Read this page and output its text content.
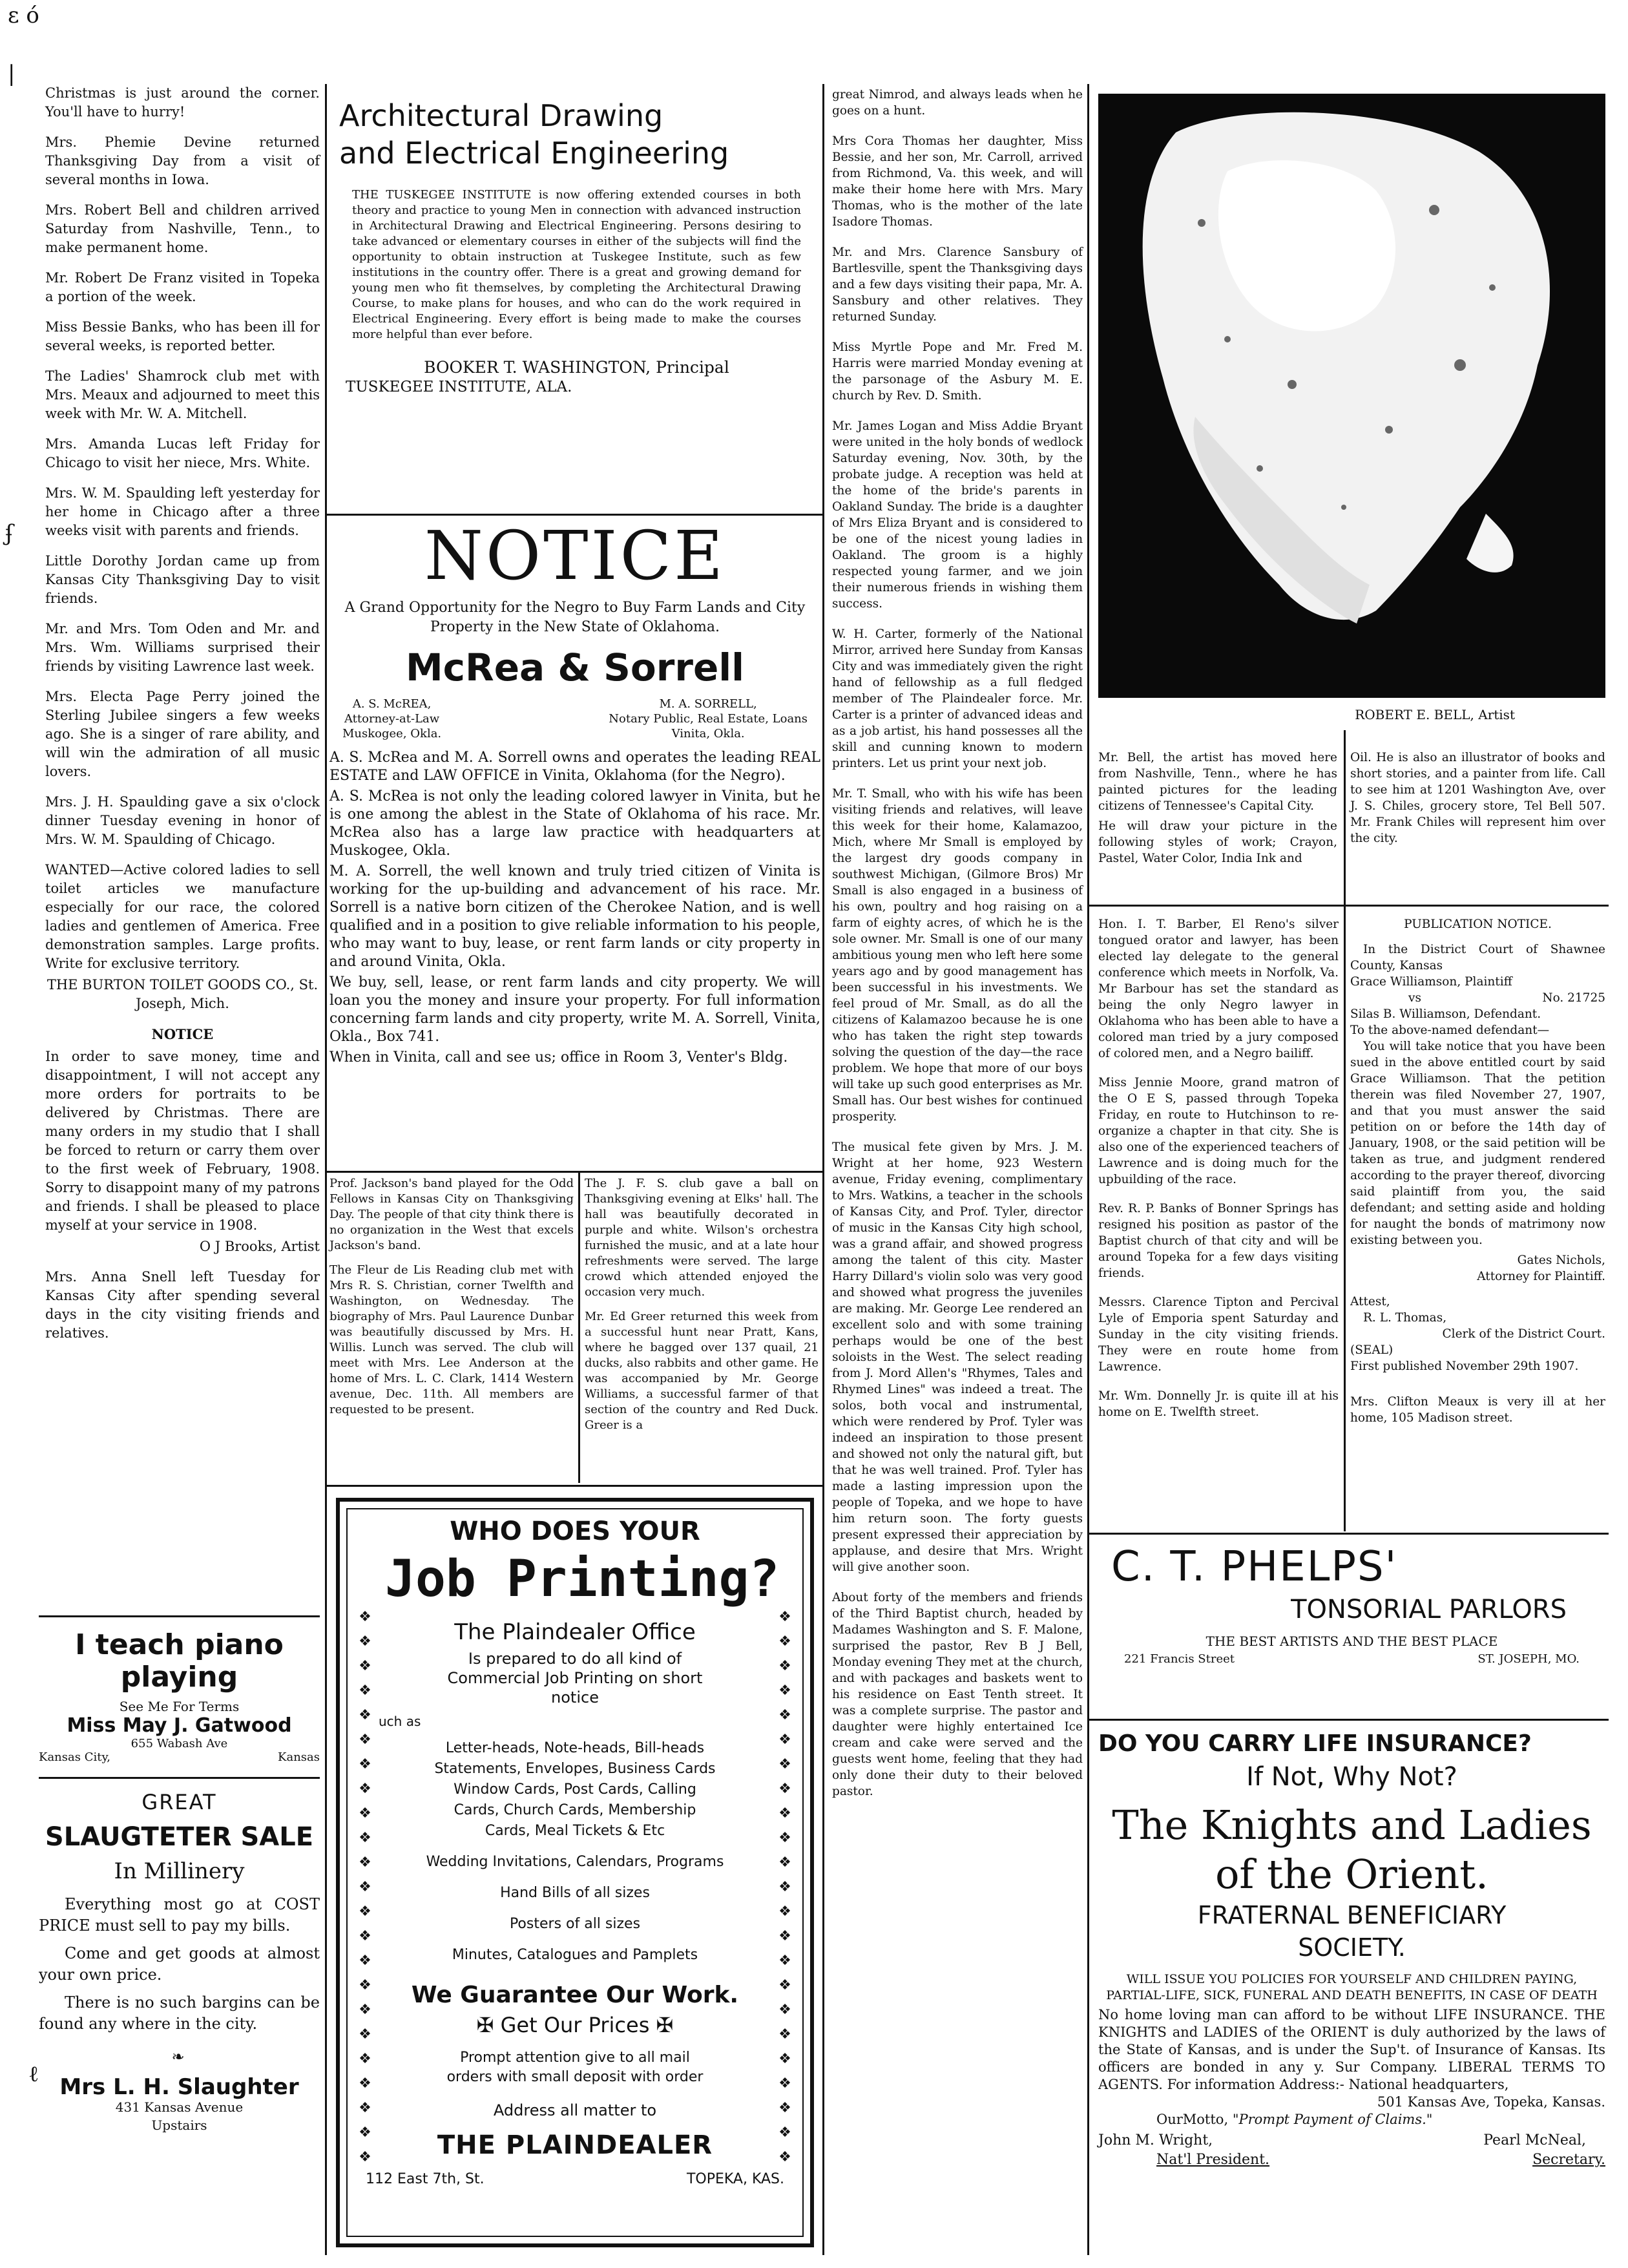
ɛ ó
|
ʄ
ℓ

Christmas is just around the corner. You'll have to hurry!

Mrs. Phemie Devine returned Thanksgiving Day from a visit of several months in Iowa.

Mrs. Robert Bell and children arrived Saturday from Nashville, Tenn., to make permanent home.

Mr. Robert De Franz visited in Topeka a portion of the week.

Miss Bessie Banks, who has been ill for several weeks, is reported better.

The Ladies' Shamrock club met with Mrs. Meaux and adjourned to meet this week with Mr. W. A. Mitchell.

Mrs. Amanda Lucas left Friday for Chicago to visit her niece, Mrs. White.

Mrs. W. M. Spaulding left yesterday for her home in Chicago after a three weeks visit with parents and friends.

Little Dorothy Jordan came up from Kansas City Thanksgiving Day to visit friends.

Mr. and Mrs. Tom Oden and Mr. and Mrs. Wm. Williams surprised their friends by visiting Lawrence last week.

Mrs. Electa Page Perry joined the Sterling Jubilee singers a few weeks ago. She is a singer of rare ability, and will win the admiration of all music lovers.

Mrs. J. H. Spaulding gave a six o'clock dinner Tuesday evening in honor of Mrs. W. M. Spaulding of Chicago.

WANTED—Active colored ladies to sell toilet articles we manufacture especially for our race, the colored ladies and gentlemen of America. Free demonstration samples. Large profits. Write for exclusive territory.

THE BURTON TOILET GOODS CO., St. Joseph, Mich.

NOTICE

In order to save money, time and disappointment, I will not accept any more orders for portraits to be delivered by Christmas. There are many orders in my studio that I shall be forced to return or carry them over to the first week of February, 1908. Sorry to disappoint many of my patrons and friends. I shall be pleased to place myself at your service in 1908.

O J Brooks, Artist

Mrs. Anna Snell left Tuesday for Kansas City after spending several days in the city visiting friends and relatives.

I teach piano playing
See Me For Terms
Miss May J. Gatwood
655 Wabash Ave
Kansas City,	Kansas
GREAT
SLAUGTETER SALE
In Millinery

Everything most go at COST PRICE must sell to pay my bills.

Come and get goods at almost your own price.

There is no such bargins can be found any where in the city.

❧
Mrs L. H. Slaughter
431 Kansas Avenue
Upstairs
Architectural Drawing
and Electrical Engineering

THE TUSKEGEE INSTITUTE is now offering extended courses in both theory and practice to young Men in connection with advanced instruction in Architectural Drawing and Electrical Engineering. Persons desiring to take advanced or elementary courses in either of the subjects will find the opportunity to obtain instruction at Tuskegee Institute, such as few institutions in the country offer. There is a great and growing demand for young men who fit themselves, by completing the Architectural Drawing Course, to make plans for houses, and who can do the work required in Electrical Engineering. Every effort is being made to make the courses more helpful than ever before.

BOOKER T. WASHINGTON, Principal
TUSKEGEE INSTITUTE, ALA.
NOTICE
A Grand Opportunity for the Negro to Buy Farm Lands and City Property in the New State of Oklahoma.
McRea & Sorrell
A. S. McREA,
Attorney-at-Law
Muskogee, Okla.
M. A. SORRELL,
Notary Public, Real Estate, Loans
Vinita, Okla.

A. S. McRea and M. A. Sorrell owns and operates the leading REAL ESTATE and LAW OFFICE in Vinita, Oklahoma (for the Negro).

A. S. McRea is not only the leading colored lawyer in Vinita, but he is one among the ablest in the State of Oklahoma of his race. Mr. McRea also has a large law practice with headquarters at Muskogee, Okla.

M. A. Sorrell, the well known and truly tried citizen of Vinita is working for the up-building and advancement of his race. Mr. Sorrell is a native born citizen of the Cherokee Nation, and is well qualified and in a position to give reliable information to his people, who may want to buy, lease, or rent farm lands or city property in and around Vinita, Okla.

We buy, sell, lease, or rent farm lands and city property. We will loan you the money and insure your property. For full information concerning farm lands and city property, write M. A. Sorrell, Vinita, Okla., Box 741.

When in Vinita, call and see us; office in Room 3, Venter's Bldg.

Prof. Jackson's band played for the Odd Fellows in Kansas City on Thanksgiving Day. The people of that city think there is no organization in the West that excels Jackson's band.

The Fleur de Lis Reading club met with Mrs R. S. Christian, corner Twelfth and Washington, on Wednesday. The biography of Mrs. Paul Laurence Dunbar was beautifully discussed by Mrs. H. Willis. Lunch was served. The club will meet with Mrs. Lee Anderson at the home of Mrs. L. C. Clark, 1414 Western avenue, Dec. 11th. All members are requested to be present.

The J. F. S. club gave a ball on Thanksgiving evening at Elks' hall. The hall was beautifully decorated in purple and white. Wilson's orchestra furnished the music, and at a late hour refreshments were served. The large crowd which attended enjoyed the occasion very much.

Mr. Ed Greer returned this week from a successful hunt near Pratt, Kans, where he bagged over 137 quail, 21 ducks, also rabbits and other game. He was accompanied by Mr. George Williams, a successful farmer of that section of the country and Red Duck. Greer is a

WHO DOES YOUR
Job Printing?
The Plaindealer Office
Is prepared to do all kind of Commercial Job Printing on short notice
uch as
Letter-heads, Note-heads, Bill-heads
Statements, Envelopes, Business Cards
Window Cards, Post Cards, Calling
Cards, Church Cards, Membership
Cards, Meal Tickets & Etc
Wedding Invitations, Calendars, Programs
Hand Bills of all sizes
Posters of all sizes
Minutes, Catalogues and Pamplets
We Guarantee Our Work.
✠ Get Our Prices ✠
Prompt attention give to all mail orders with small deposit with order
Address all matter to
THE PLAINDEALER
112 East 7th, St.	TOPEKA, KAS.
❖
❖
❖
❖
❖
❖
❖
❖
❖
❖
❖
❖
❖
❖
❖
❖
❖
❖
❖
❖
❖
❖
❖
❖
❖
❖
❖
❖
❖
❖
❖
❖
❖
❖
❖
❖
❖
❖
❖
❖
❖
❖
❖
❖
❖
❖

great Nimrod, and always leads when he goes on a hunt.

Mrs Cora Thomas her daughter, Miss Bessie, and her son, Mr. Carroll, arrived from Richmond, Va. this week, and will make their home here with Mrs. Mary Thomas, who is the mother of the late Isadore Thomas.

Mr. and Mrs. Clarence Sansbury of Bartlesville, spent the Thanksgiving days and a few days visiting their papa, Mr. A. Sansbury and other relatives. They returned Sunday.

Miss Myrtle Pope and Mr. Fred M. Harris were married Monday evening at the parsonage of the Asbury M. E. church by Rev. D. Smith.

Mr. James Logan and Miss Addie Bryant were united in the holy bonds of wedlock Saturday evening, Nov. 30th, by the probate judge. A reception was held at the home of the bride's parents in Oakland Sunday. The bride is a daughter of Mrs Eliza Bryant and is considered to be one of the nicest young ladies in Oakland. The groom is a highly respected young farmer, and we join their numerous friends in wishing them success.

W. H. Carter, formerly of the National Mirror, arrived here Sunday from Kansas City and was immediately given the right hand of fellowship as a full fledged member of The Plaindealer force. Mr. Carter is a printer of advanced ideas and as a job artist, his hand possesses all the skill and cunning known to modern printers. Let us print your next job.

Mr. T. Small, who with his wife has been visiting friends and relatives, will leave this week for their home, Kalamazoo, Mich, where Mr Small is employed by the largest dry goods company in southwest Michigan, (Gilmore Bros) Mr Small is also engaged in a business of his own, poultry and hog raising on a farm of eighty acres, of which he is the sole owner. Mr. Small is one of our many ambitious young men who left here some years ago and by good management has been successful in his investments. We feel proud of Mr. Small, as do all the citizens of Kalamazoo because he is one who has taken the right step towards solving the question of the day—the race problem. We hope that more of our boys will take up such good enterprises as Mr. Small has. Our best wishes for continued prosperity.

The musical fete given by Mrs. J. M. Wright at her home, 923 Western avenue, Friday evening, complimentary to Mrs. Watkins, a teacher in the schools of Kansas City, and Prof. Tyler, director of music in the Kansas City high school, was a grand affair, and showed progress among the talent of this city. Master Harry Dillard's violin solo was very good and showed what progress the juveniles are making. Mr. George Lee rendered an excellent solo and with some training perhaps would be one of the best soloists in the West. The select reading from J. Mord Allen's "Rhymes, Tales and Rhymed Lines" was indeed a treat. The solos, both vocal and instrumental, which were rendered by Prof. Tyler was indeed an inspiration to those present and showed not only the natural gift, but that he was well trained. Prof. Tyler has made a lasting impression upon the people of Topeka, and we hope to have him return soon. The forty guests present expressed their appreciation by applause, and desire that Mrs. Wright will give another soon.

About forty of the members and friends of the Third Baptist church, headed by Madames Washington and S. F. Malone, surprised the pastor, Rev B J Bell, Monday evening They met at the church, and with packages and baskets went to his residence on East Tenth street. It was a complete surprise. The pastor and daughter were highly entertained Ice cream and cake were served and the guests went home, feeling that they had only done their duty to their beloved pastor.

ROBERT E. BELL, Artist

Mr. Bell, the artist has moved here from Nashville, Tenn., where he has painted pictures for the leading citizens of Tennessee's Capital City.

He will draw your picture in the following styles of work; Crayon, Pastel, Water Color, India Ink and

Oil. He is also an illustrator of books and short stories, and a painter from life. Call to see him at 1201 Washington Ave, over J. S. Chiles, grocery store, Tel Bell 507. Mr. Frank Chiles will represent him over the city.

Hon. I. T. Barber, El Reno's silver tongued orator and lawyer, has been elected lay delegate to the general conference which meets in Norfolk, Va. Mr Barbour has set the standard as being the only Negro lawyer in Oklahoma who has been able to have a colored man tried by a jury composed of colored men, and a Negro bailiff.

Miss Jennie Moore, grand matron of the O E S, passed through Topeka Friday, en route to Hutchinson to re-organize a chapter in that city. She is also one of the experienced teachers of Lawrence and is doing much for the upbuilding of the race.

Rev. R. P. Banks of Bonner Springs has resigned his position as pastor of the Baptist church of that city and will be around Topeka for a few days visiting friends.

Messrs. Clarence Tipton and Percival Lyle of Emporia spent Saturday and Sunday in the city visiting friends. They were en route home from Lawrence.

Mr. Wm. Donnelly Jr. is quite ill at his home on E. Twelfth street.

PUBLICATION NOTICE.

In the District Court of Shawnee County, Kansas

Grace Williamson, Plaintiff
vs	No. 21725
Silas B. Williamson, Defendant.
To the above-named defendant—

You will take notice that you have been sued in the above entitled court by said Grace Williamson. That the petition therein was filed November 27, 1907, and that you must answer the said petition on or before the 14th day of January, 1908, or the said petition will be taken as true, and judgment rendered according to the prayer thereof, divorcing said plaintiff from you, the said defendant; and setting aside and holding for naught the bonds of matrimony now existing between you.

Gates Nichols,
Attorney for Plaintiff.
Attest,
R. L. Thomas,
Clerk of the District Court.
(SEAL)
First published November 29th 1907.

Mrs. Clifton Meaux is very ill at her home, 105 Madison street.

C. T. PHELPS'
TONSORIAL PARLORS
THE BEST ARTISTS AND THE BEST PLACE
221 Francis Street	ST. JOSEPH, MO.
DO YOU CARRY LIFE INSURANCE?
If Not, Why Not?
The Knights and Ladies
of the Orient.
FRATERNAL BENEFICIARY
SOCIETY.
WILL ISSUE YOU POLICIES FOR YOURSELF AND CHILDREN PAYING, PARTIAL-LIFE, SICK, FUNERAL AND DEATH BENEFITS, IN CASE OF DEATH

No home loving man can afford to be without LIFE INSURANCE. THE KNIGHTS and LADIES of the ORIENT is duly authorized by the laws of the State of Kansas, and is under the Sup't. of Insurance of Kansas. Its officers are bonded in any y. Sur Company. LIBERAL TERMS TO AGENTS. For information Address:- National headquarters,

501 Kansas Ave, Topeka, Kansas.
OurMotto, "Prompt Payment of Claims."
John M. Wright,	Pearl McNeal,
Nat'l President.	Secretary.
